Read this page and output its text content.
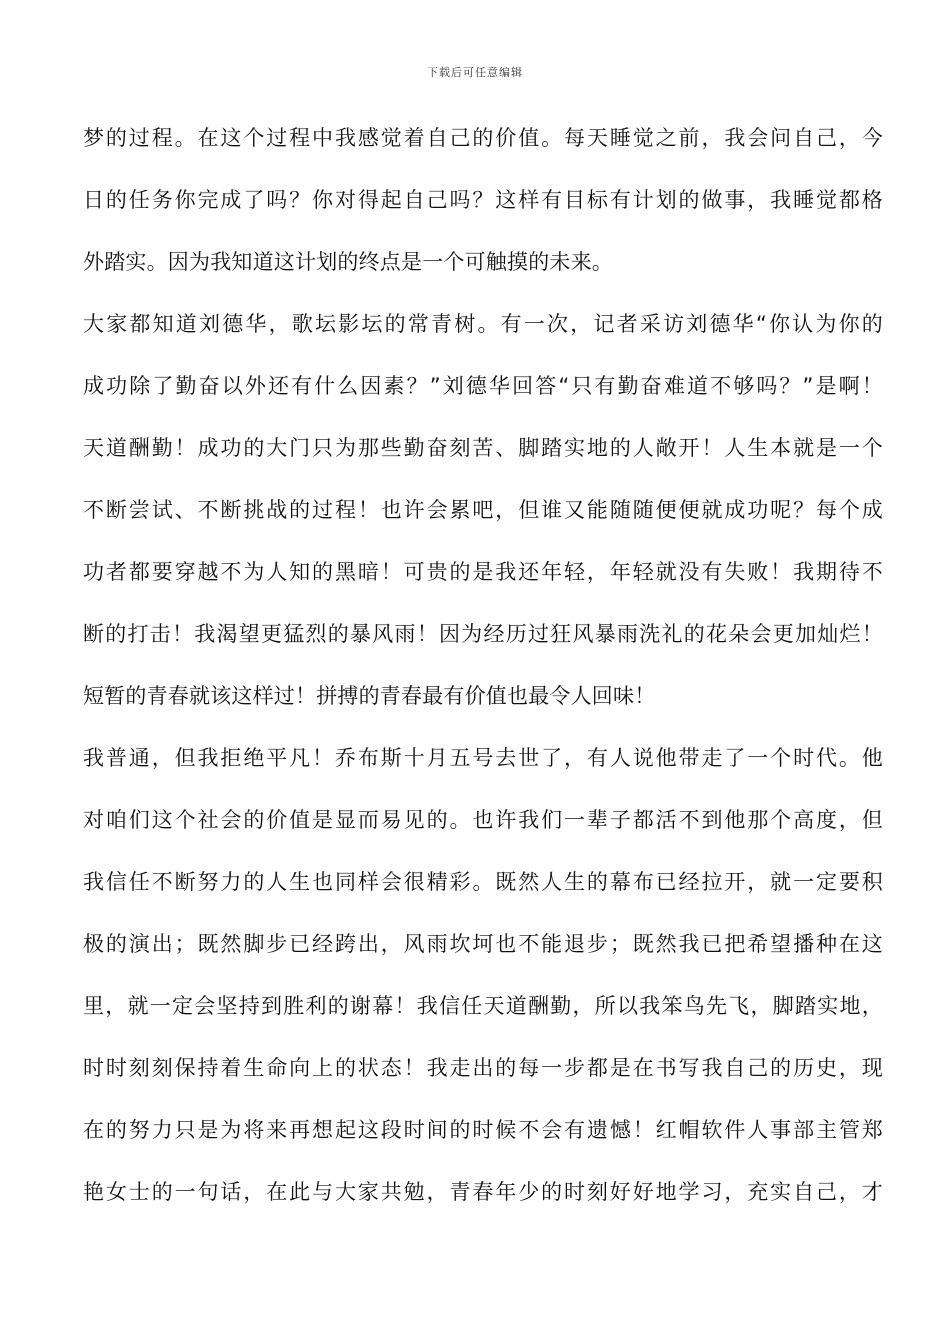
下载后可任意编辑
梦的过程。在这个过程中我感觉着自己的价值。每天睡觉之前，我会问自己，今
日的任务你完成了吗？你对得起自己吗？这样有目标有计划的做事，我睡觉都格
外踏实。因为我知道这计划的终点是一个可触摸的未来。
大家都知道刘德华，歌坛影坛的常青树。有一次，记者采访刘德华“你认为你的
成功除了勤奋以外还有什么因素？”刘德华回答“只有勤奋难道不够吗？”是啊！
天道酬勤！成功的大门只为那些勤奋刻苦、脚踏实地的人敞开！人生本就是一个
不断尝试、不断挑战的过程！也许会累吧，但谁又能随随便便就成功呢？每个成
功者都要穿越不为人知的黑暗！可贵的是我还年轻，年轻就没有失败！我期待不
断的打击！我渴望更猛烈的暴风雨！因为经历过狂风暴雨洗礼的花朵会更加灿烂！
短暂的青春就该这样过！拼搏的青春最有价值也最令人回味！
我普通，但我拒绝平凡！乔布斯十月五号去世了，有人说他带走了一个时代。他
对咱们这个社会的价值是显而易见的。也许我们一辈子都活不到他那个高度，但
我信任不断努力的人生也同样会很精彩。既然人生的幕布已经拉开，就一定要积
极的演出；既然脚步已经跨出，风雨坎坷也不能退步；既然我已把希望播种在这
里，就一定会坚持到胜利的谢幕！我信任天道酬勤，所以我笨鸟先飞，脚踏实地，
时时刻刻保持着生命向上的状态！我走出的每一步都是在书写我自己的历史，现
在的努力只是为将来再想起这段时间的时候不会有遗憾！红帽软件人事部主管郑
艳女士的一句话，在此与大家共勉，青春年少的时刻好好地学习，充实自己，才
